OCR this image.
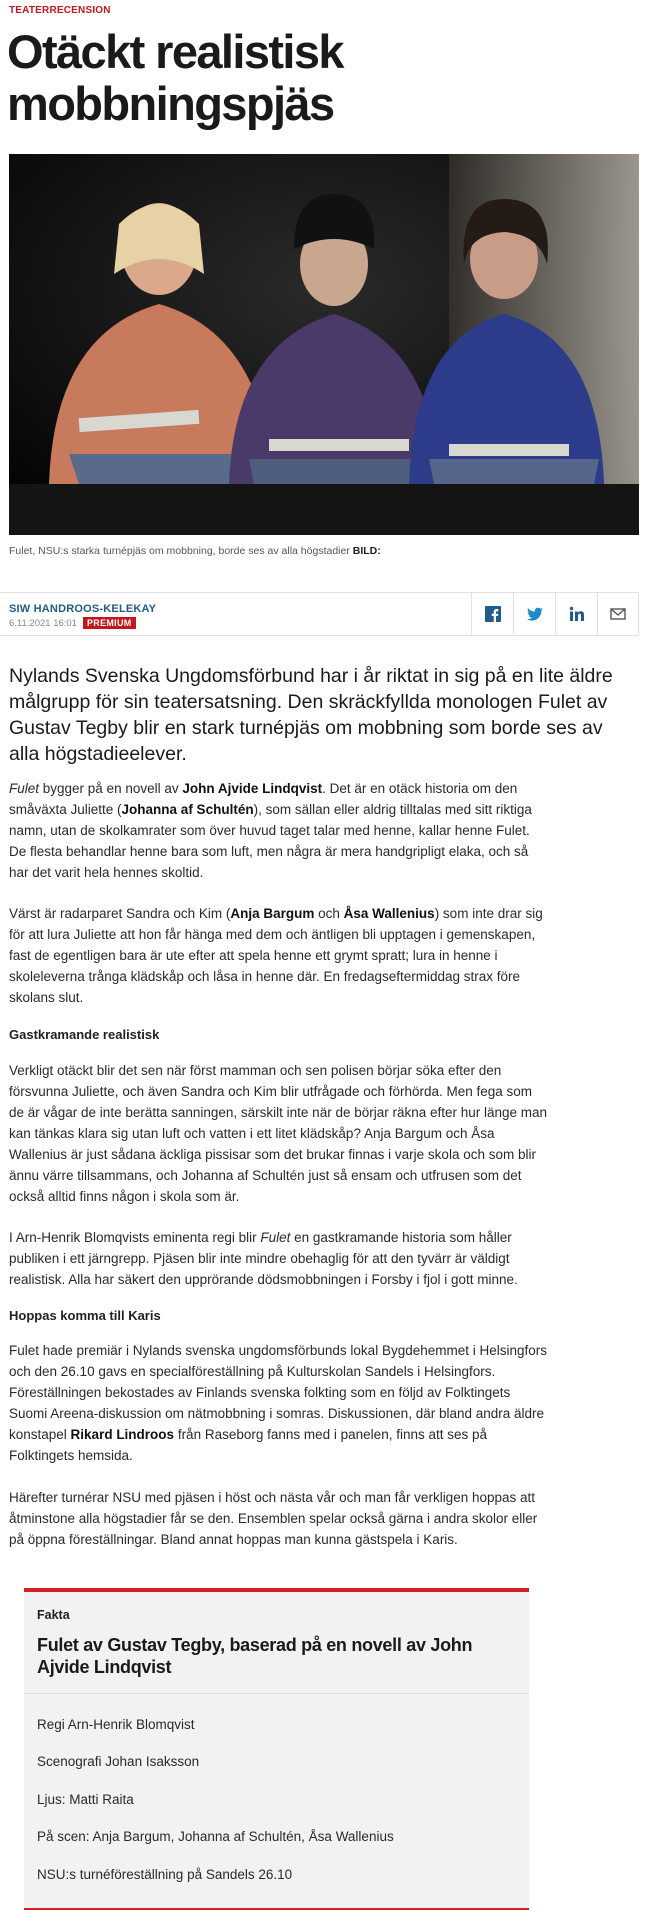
TEATERRECENSION
Otäckt realistisk mobbningspjäs
Fulet, NSU:s starka turnépjäs om mobbning, borde ses av alla högstadier BILD:
SIW HANDROOS-KELEKAY
6.11.2021 16:01 PREMIUM

Nylands Svenska Ungdomsförbund har i år riktat in sig på en lite äldre målgrupp för sin teatersatsning. Den skräckfyllda monologen Fulet av Gustav Tegby blir en stark turnépjäs om mobbning som borde ses av alla högstadieelever.

Fulet bygger på en novell av John Ajvide Lindqvist. Det är en otäck historia om den småväxta Juliette (Johanna af Schultén), som sällan eller aldrig tilltalas med sitt riktiga namn, utan de skolkamrater som över huvud taget talar med henne, kallar henne Fulet. De flesta behandlar henne bara som luft, men några är mera handgripligt elaka, och så har det varit hela hennes skoltid.

Värst är radarparet Sandra och Kim (Anja Bargum och Åsa Wallenius) som inte drar sig för att lura Juliette att hon får hänga med dem och äntligen bli upptagen i gemenskapen, fast de egentligen bara är ute efter att spela henne ett grymt spratt; lura in henne i skoleleverna trånga klädskåp och låsa in henne där. En fredagseftermiddag strax före skolans slut.

Gastkramande realistisk

Verkligt otäckt blir det sen när först mamman och sen polisen börjar söka efter den försvunna Juliette, och även Sandra och Kim blir utfrågade och förhörda. Men fega som de är vågar de inte berätta sanningen, särskilt inte när de börjar räkna efter hur länge man kan tänkas klara sig utan luft och vatten i ett litet klädskåp? Anja Bargum och Åsa Wallenius är just sådana äckliga pissisar som det brukar finnas i varje skola och som blir ännu värre tillsammans, och Johanna af Schultén just så ensam och utfrusen som det också alltid finns någon i skola som är.

I Arn-Henrik Blomqvists eminenta regi blir Fulet en gastkramande historia som håller publiken i ett järngrepp. Pjäsen blir inte mindre obehaglig för att den tyvärr är väldigt realistisk. Alla har säkert den upprörande dödsmobbningen i Forsby i fjol i gott minne.

Hoppas komma till Karis

Fulet hade premiär i Nylands svenska ungdomsförbunds lokal Bygdehemmet i Helsingfors och den 26.10 gavs en specialföreställning på Kulturskolan Sandels i Helsingfors. Föreställningen bekostades av Finlands svenska folkting som en följd av Folktingets Suomi Areena-diskussion om nätmobbning i somras. Diskussionen, där bland andra äldre konstapel Rikard Lindroos från Raseborg fanns med i panelen, finns att ses på Folktingets hemsida.

Härefter turnérar NSU med pjäsen i höst och nästa vår och man får verkligen hoppas att åtminstone alla högstadier får se den. Ensemblen spelar också gärna i andra skolor eller på öppna föreställningar. Bland annat hoppas man kunna gästspela i Karis.

Fakta
Fulet av Gustav Tegby, baserad på en novell av John Ajvide Lindqvist
Regi Arn-Henrik Blomqvist
Scenografi Johan Isaksson
Ljus: Matti Raita
På scen: Anja Bargum, Johanna af Schultén, Åsa Wallenius
NSU:s turnéföreställning på Sandels 26.10
